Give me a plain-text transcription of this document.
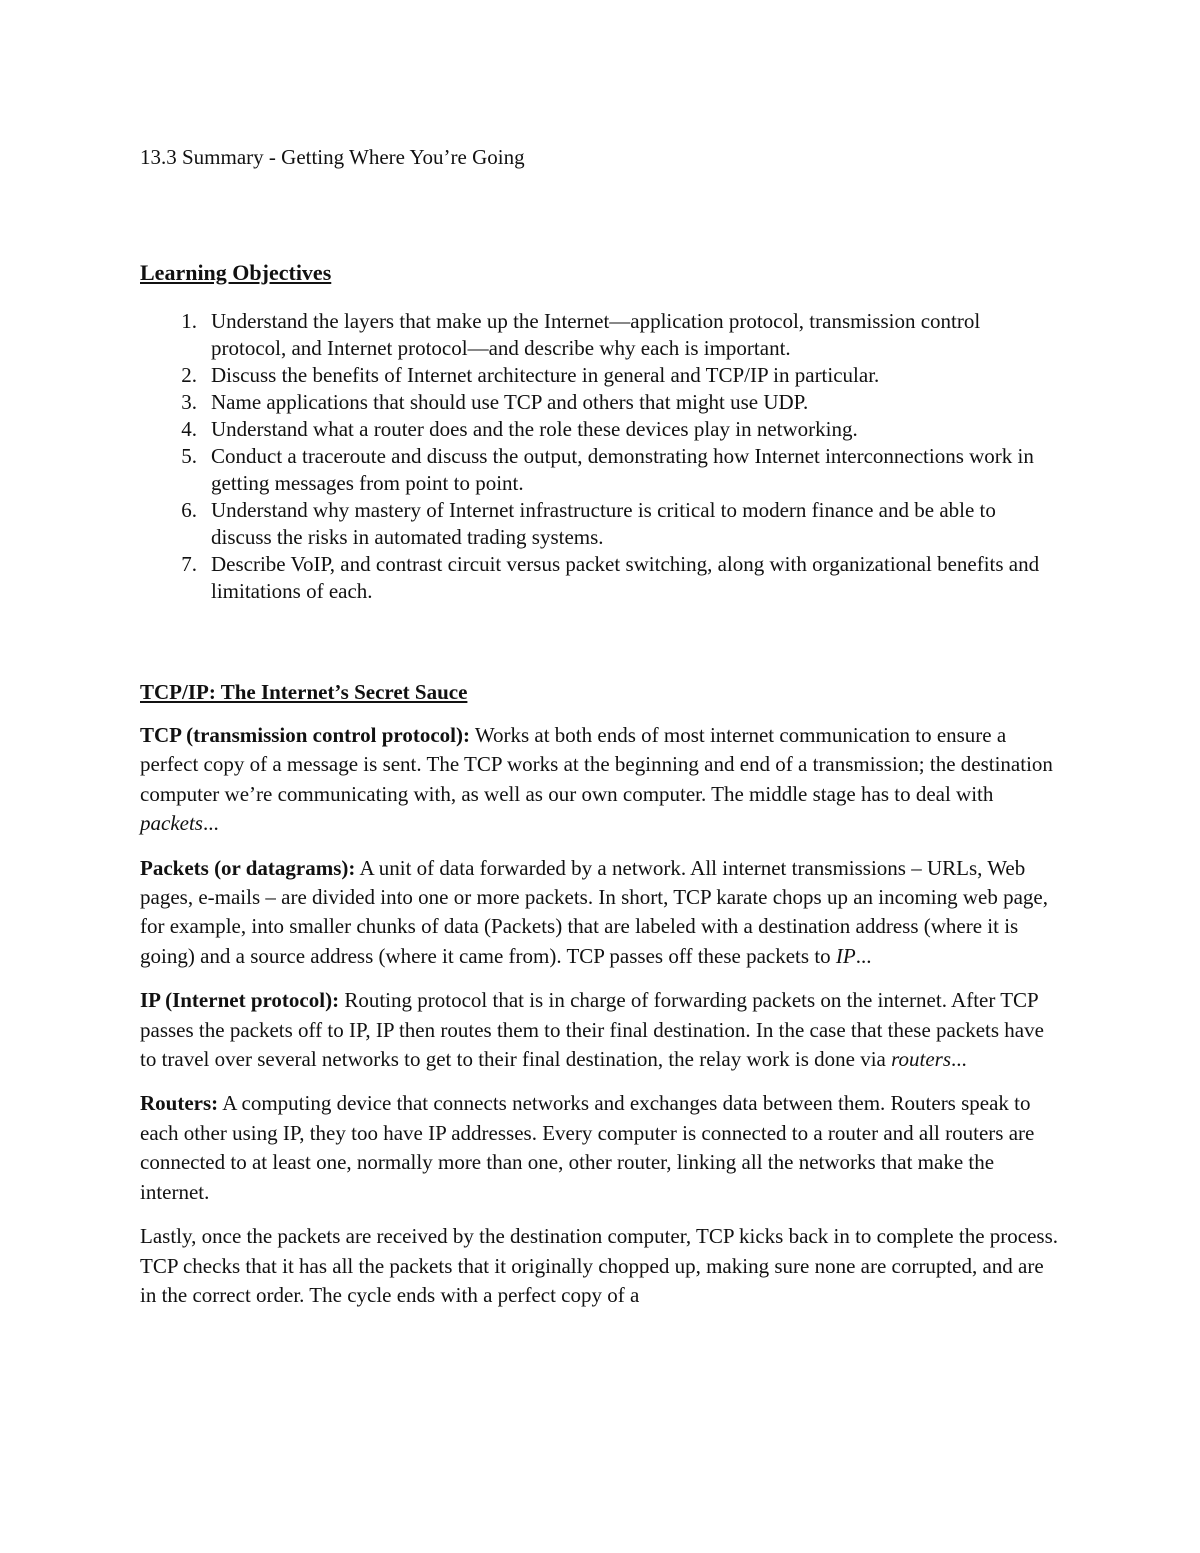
13.3 Summary - Getting Where You’re Going
Learning Objectives
1. Understand the layers that make up the Internet—application protocol, transmission control protocol, and Internet protocol—and describe why each is important.
2. Discuss the benefits of Internet architecture in general and TCP/IP in particular.
3. Name applications that should use TCP and others that might use UDP.
4. Understand what a router does and the role these devices play in networking.
5. Conduct a traceroute and discuss the output, demonstrating how Internet interconnections work in getting messages from point to point.
6. Understand why mastery of Internet infrastructure is critical to modern finance and be able to discuss the risks in automated trading systems.
7. Describe VoIP, and contrast circuit versus packet switching, along with organizational benefits and limitations of each.
TCP/IP: The Internet’s Secret Sauce

TCP (transmission control protocol): Works at both ends of most internet communication to ensure a perfect copy of a message is sent. The TCP works at the beginning and end of a transmission; the destination computer we’re communicating with, as well as our own computer. The middle stage has to deal with packets...

Packets (or datagrams): A unit of data forwarded by a network. All internet transmissions – URLs, Web pages, e-mails – are divided into one or more packets. In short, TCP karate chops up an incoming web page, for example, into smaller chunks of data (Packets) that are labeled with a destination address (where it is going) and a source address (where it came from). TCP passes off these packets to IP...

IP (Internet protocol): Routing protocol that is in charge of forwarding packets on the internet. After TCP passes the packets off to IP, IP then routes them to their final destination. In the case that these packets have to travel over several networks to get to their final destination, the relay work is done via routers...

Routers: A computing device that connects networks and exchanges data between them. Routers speak to each other using IP, they too have IP addresses. Every computer is connected to a router and all routers are connected to at least one, normally more than one, other router, linking all the networks that make the internet.

Lastly, once the packets are received by the destination computer, TCP kicks back in to complete the process. TCP checks that it has all the packets that it originally chopped up, making sure none are corrupted, and are in the correct order. The cycle ends with a perfect copy of a
